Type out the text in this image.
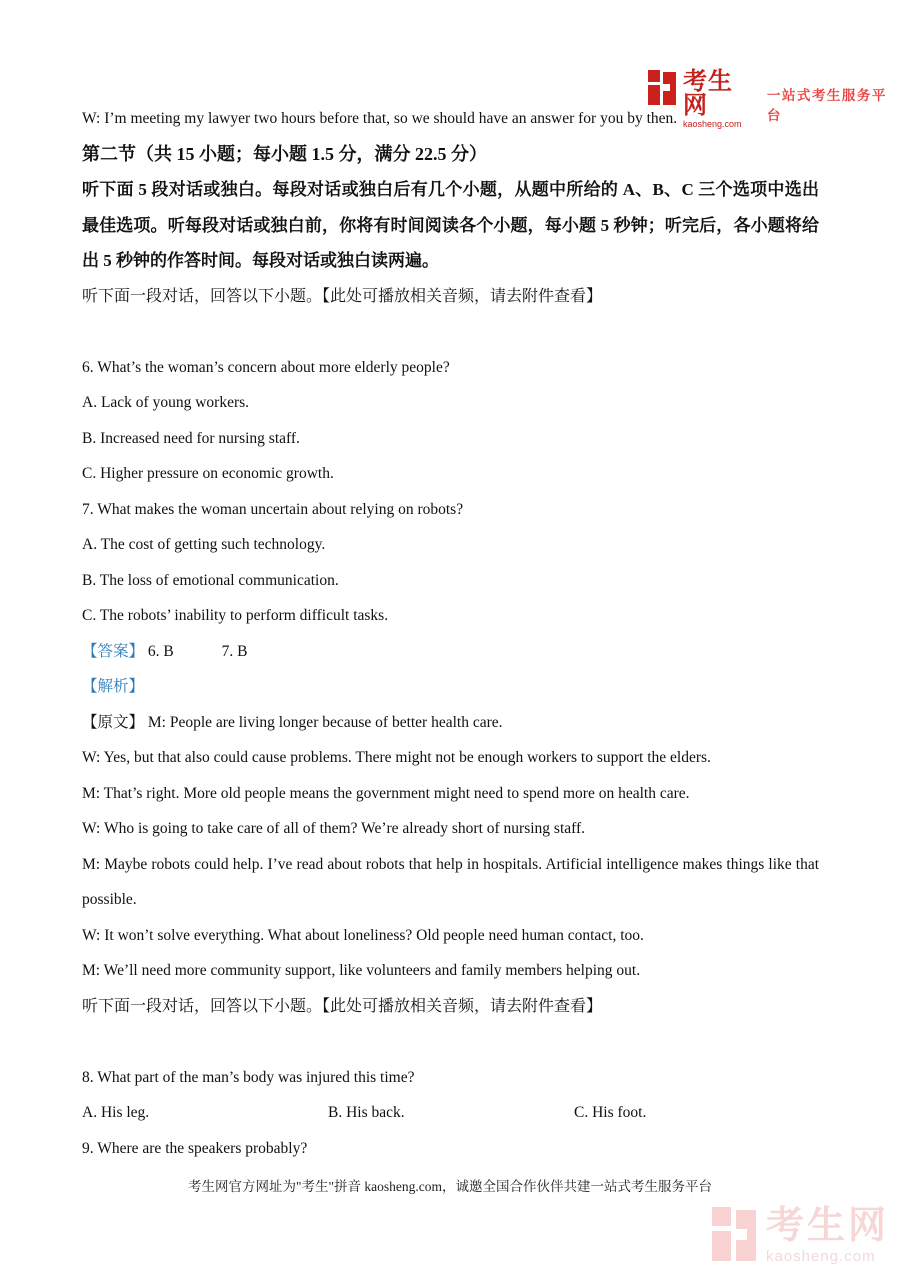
考生网
kaosheng.com
一站式考生服务平台

W: I’m meeting my lawyer two hours before that, so we should have an answer for you by then.

第二节（共 15 小题；每小题 1.5 分，满分 22.5 分）

听下面 5 段对话或独白。每段对话或独白后有几个小题，从题中所给的 A、B、C 三个选项中选出最佳选项。听每段对话或独白前，你将有时间阅读各个小题，每小题 5 秒钟；听完后，各小题将给出 5 秒钟的作答时间。每段对话或独白读两遍。

听下面一段对话，回答以下小题。【此处可播放相关音频，请去附件查看】

6. What’s the woman’s concern about more elderly people?

A. Lack of young workers.

B. Increased need for nursing staff.

C. Higher pressure on economic growth.

7. What makes the woman uncertain about relying on robots?

A. The cost of getting such technology.

B. The loss of emotional communication.

C. The robots’ inability to perform difficult tasks.

【答案】 6. B	7. B

【解析】

【原文】 M: People are living longer because of better health care.

W: Yes, but that also could cause problems. There might not be enough workers to support the elders.

M: That’s right. More old people means the government might need to spend more on health care.

W: Who is going to take care of all of them? We’re already short of nursing staff.

M: Maybe robots could help. I’ve read about robots that help in hospitals. Artificial intelligence makes things like that possible.

W: It won’t solve everything. What about loneliness? Old people need human contact, too.

M: We’ll need more community support, like volunteers and family members helping out.

听下面一段对话，回答以下小题。【此处可播放相关音频，请去附件查看】

8. What part of the man’s body was injured this time?

A. His leg.	B. His back.	C. His foot.

9. Where are the speakers probably?

考生网官方网址为"考生"拼音 kaosheng.com，诚邀全国合作伙伴共建一站式考生服务平台
考生网
kaosheng.com
